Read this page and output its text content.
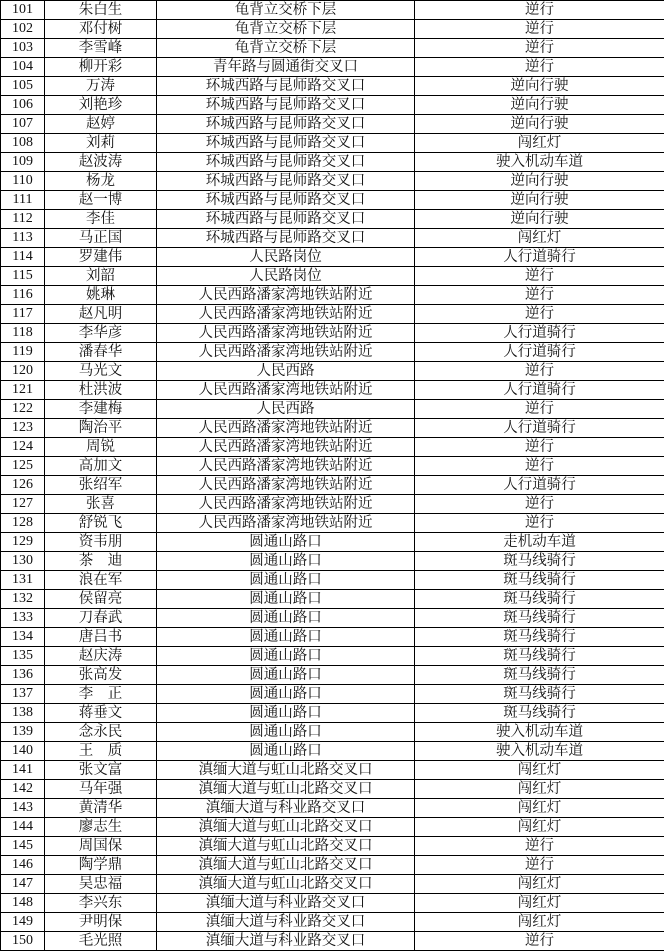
101	朱白生	龟背立交桥下层	逆行
102	邓付树	龟背立交桥下层	逆行
103	李雪峰	龟背立交桥下层	逆行
104	柳开彩	青年路与圆通街交叉口	逆行
105	万涛	环城西路与昆师路交叉口	逆向行驶
106	刘艳珍	环城西路与昆师路交叉口	逆向行驶
107	赵婷	环城西路与昆师路交叉口	逆向行驶
108	刘莉	环城西路与昆师路交叉口	闯红灯
109	赵波涛	环城西路与昆师路交叉口	驶入机动车道
110	杨龙	环城西路与昆师路交叉口	逆向行驶
111	赵一博	环城西路与昆师路交叉口	逆向行驶
112	李佳	环城西路与昆师路交叉口	逆向行驶
113	马正国	环城西路与昆师路交叉口	闯红灯
114	罗建伟	人民路岗位	人行道骑行
115	刘韶	人民路岗位	逆行
116	姚琳	人民西路潘家湾地铁站附近	逆行
117	赵凡明	人民西路潘家湾地铁站附近	逆行
118	李华彦	人民西路潘家湾地铁站附近	人行道骑行
119	潘春华	人民西路潘家湾地铁站附近	人行道骑行
120	马光文	人民西路	逆行
121	杜洪波	人民西路潘家湾地铁站附近	人行道骑行
122	李建梅	人民西路	逆行
123	陶治平	人民西路潘家湾地铁站附近	人行道骑行
124	周锐	人民西路潘家湾地铁站附近	逆行
125	高加文	人民西路潘家湾地铁站附近	逆行
126	张绍军	人民西路潘家湾地铁站附近	人行道骑行
127	张喜	人民西路潘家湾地铁站附近	逆行
128	舒锐飞	人民西路潘家湾地铁站附近	逆行
129	资韦朋	圆通山路口	走机动车道
130	茶　迪	圆通山路口	斑马线骑行
131	浪在军	圆通山路口	斑马线骑行
132	侯留亮	圆通山路口	斑马线骑行
133	刀春武	圆通山路口	斑马线骑行
134	唐吕书	圆通山路口	斑马线骑行
135	赵庆涛	圆通山路口	斑马线骑行
136	张高发	圆通山路口	斑马线骑行
137	李　正	圆通山路口	斑马线骑行
138	蒋垂文	圆通山路口	斑马线骑行
139	念永民	圆通山路口	驶入机动车道
140	王　质	圆通山路口	驶入机动车道
141	张文富	滇缅大道与虹山北路交叉口	闯红灯
142	马年强	滇缅大道与虹山北路交叉口	闯红灯
143	黄清华	滇缅大道与科业路交叉口	闯红灯
144	廖志生	滇缅大道与虹山北路交叉口	闯红灯
145	周国保	滇缅大道与虹山北路交叉口	逆行
146	陶学鼎	滇缅大道与虹山北路交叉口	逆行
147	吴忠福	滇缅大道与虹山北路交叉口	闯红灯
148	李兴东	滇缅大道与科业路交叉口	闯红灯
149	尹明保	滇缅大道与科业路交叉口	闯红灯
150	毛光照	滇缅大道与科业路交叉口	逆行
